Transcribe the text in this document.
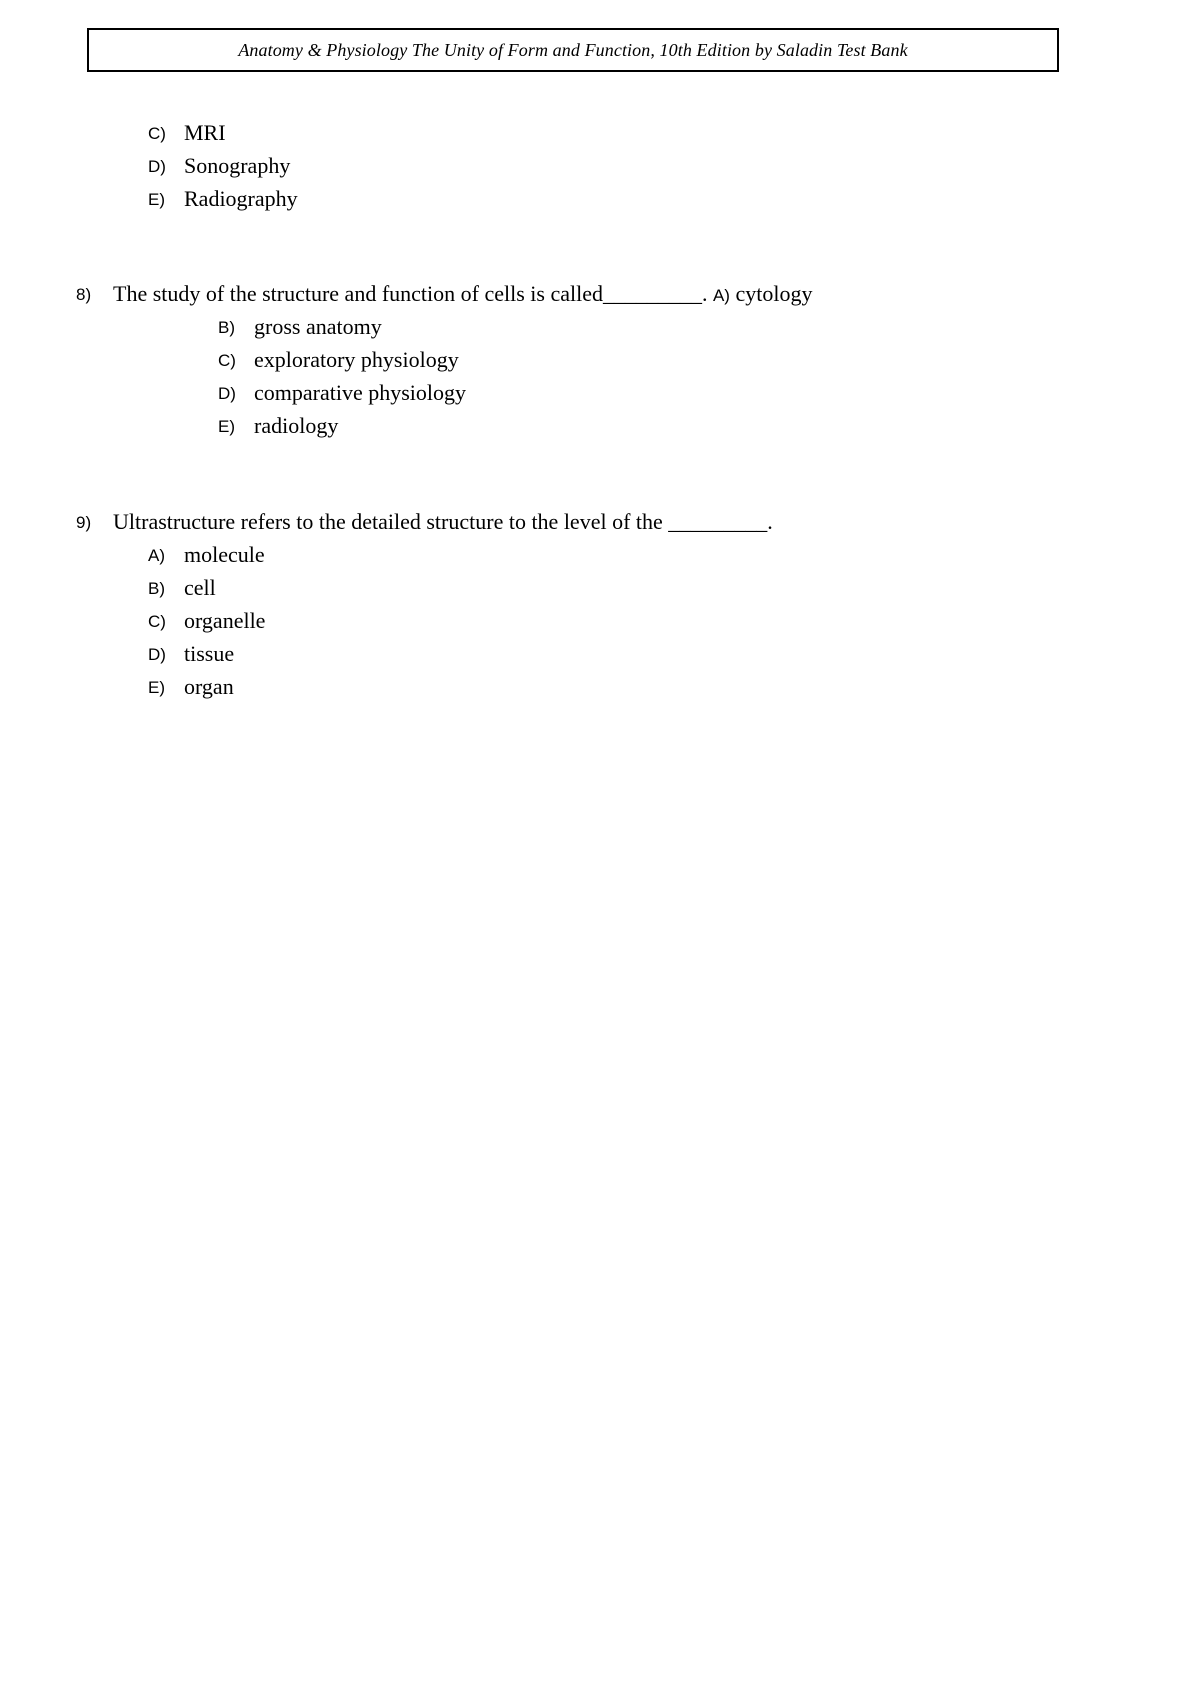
Anatomy & Physiology The Unity of Form and Function, 10th Edition by Saladin Test Bank
C) MRI
D) Sonography
E) Radiography
8) The study of the structure and function of cells is called_________. A) cytology
B) gross anatomy
C) exploratory physiology
D) comparative physiology
E) radiology
9) Ultrastructure refers to the detailed structure to the level of the _________.
A) molecule
B) cell
C) organelle
D) tissue
E) organ
